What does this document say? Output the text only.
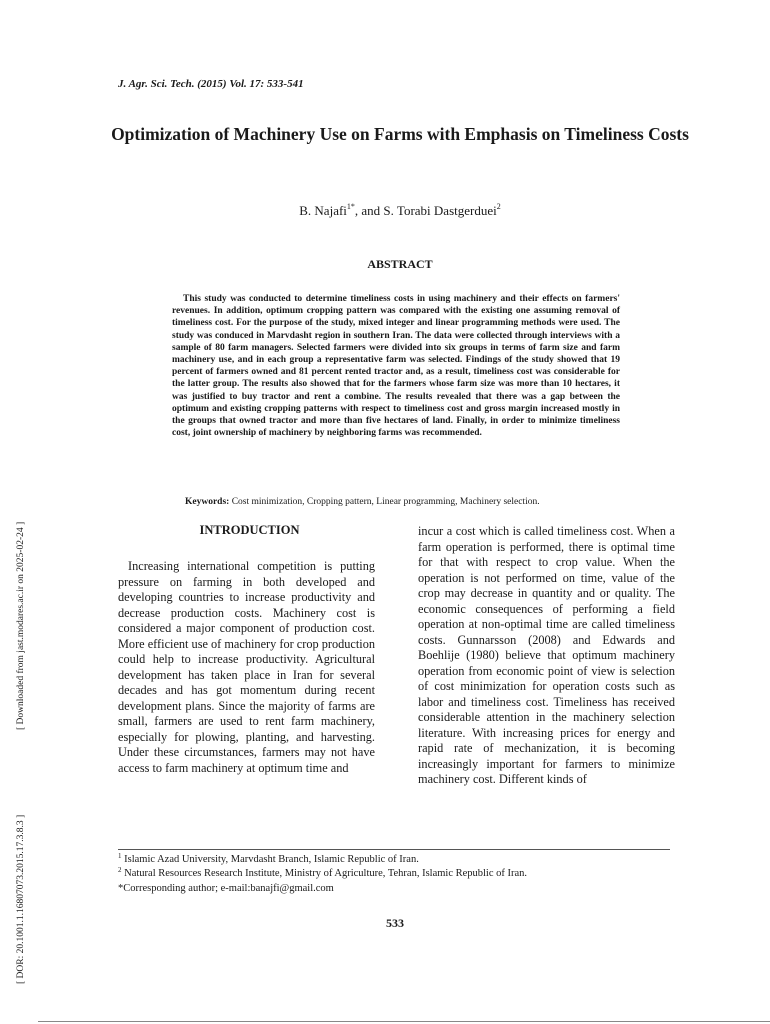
J. Agr. Sci. Tech. (2015) Vol. 17: 533-541
Optimization of Machinery Use on Farms with Emphasis on Timeliness Costs
B. Najafi$^{1*}$, and S. Torabi Dastgerduei$^2$
ABSTRACT
This study was conducted to determine timeliness costs in using machinery and their effects on farmers' revenues. In addition, optimum cropping pattern was compared with the existing one assuming removal of timeliness cost. For the purpose of the study, mixed integer and linear programming methods were used. The study was conduced in Marvdasht region in southern Iran. The data were collected through interviews with a sample of 80 farm managers. Selected farmers were divided into six groups in terms of farm size and farm machinery use, and in each group a representative farm was selected. Findings of the study showed that 19 percent of farmers owned and 81 percent rented tractor and, as a result, timeliness cost was considerable for the latter group. The results also showed that for the farmers whose farm size was more than 10 hectares, it was justified to buy tractor and rent a combine. The results revealed that there was a gap between the optimum and existing cropping patterns with respect to timeliness cost and gross margin increased mostly in the groups that owned tractor and more than five hectares of land. Finally, in order to minimize timeliness cost, joint ownership of machinery by neighboring farms was recommended.
Keywords: Cost minimization, Cropping pattern, Linear programming, Machinery selection.
INTRODUCTION
Increasing international competition is putting pressure on farming in both developed and developing countries to increase productivity and decrease production costs. Machinery cost is considered a major component of production cost. More efficient use of machinery for crop production could help to increase productivity. Agricultural development has taken place in Iran for several decades and has got momentum during recent development plans. Since the majority of farms are small, farmers are used to rent farm machinery, especially for plowing, planting, and harvesting. Under these circumstances, farmers may not have access to farm machinery at optimum time and
incur a cost which is called timeliness cost. When a farm operation is performed, there is optimal time for that with respect to crop value. When the operation is not performed on time, value of the crop may decrease in quantity and or quality. The economic consequences of performing a field operation at non-optimal time are called timeliness costs. Gunnarsson (2008) and Edwards and Boehlije (1980) believe that optimum machinery operation from economic point of view is selection of cost minimization for operation costs such as labor and timeliness cost. Timeliness has received considerable attention in the machinery selection literature. With increasing prices for energy and rapid rate of mechanization, it is becoming increasingly important for farmers to minimize machinery cost. Different kinds of
$^1$ Islamic Azad University, Marvdasht Branch, Islamic Republic of Iran.
$^2$ Natural Resources Research Institute, Ministry of Agriculture, Tehran, Islamic Republic of Iran.
*Corresponding author; e-mail:banajfi@gmail.com
533
[ Downloaded from jast.modares.ac.ir on 2025-02-24 ]
[ DOR: 20.1001.1.16807073.2015.17.3.8.3 ]
